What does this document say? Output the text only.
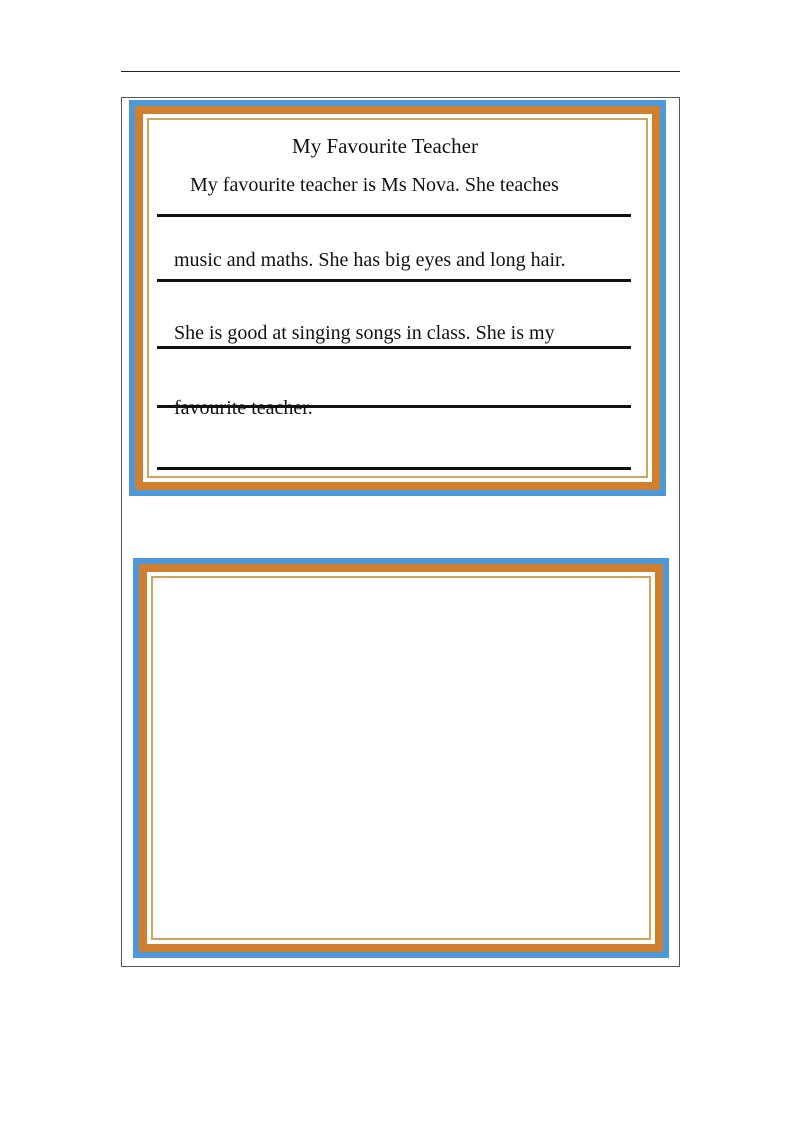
My Favourite Teacher
My favourite teacher is Ms Nova. She teaches
music and maths. She has big eyes and long hair.
She is good at singing songs in class. She is my
favourite teacher.
